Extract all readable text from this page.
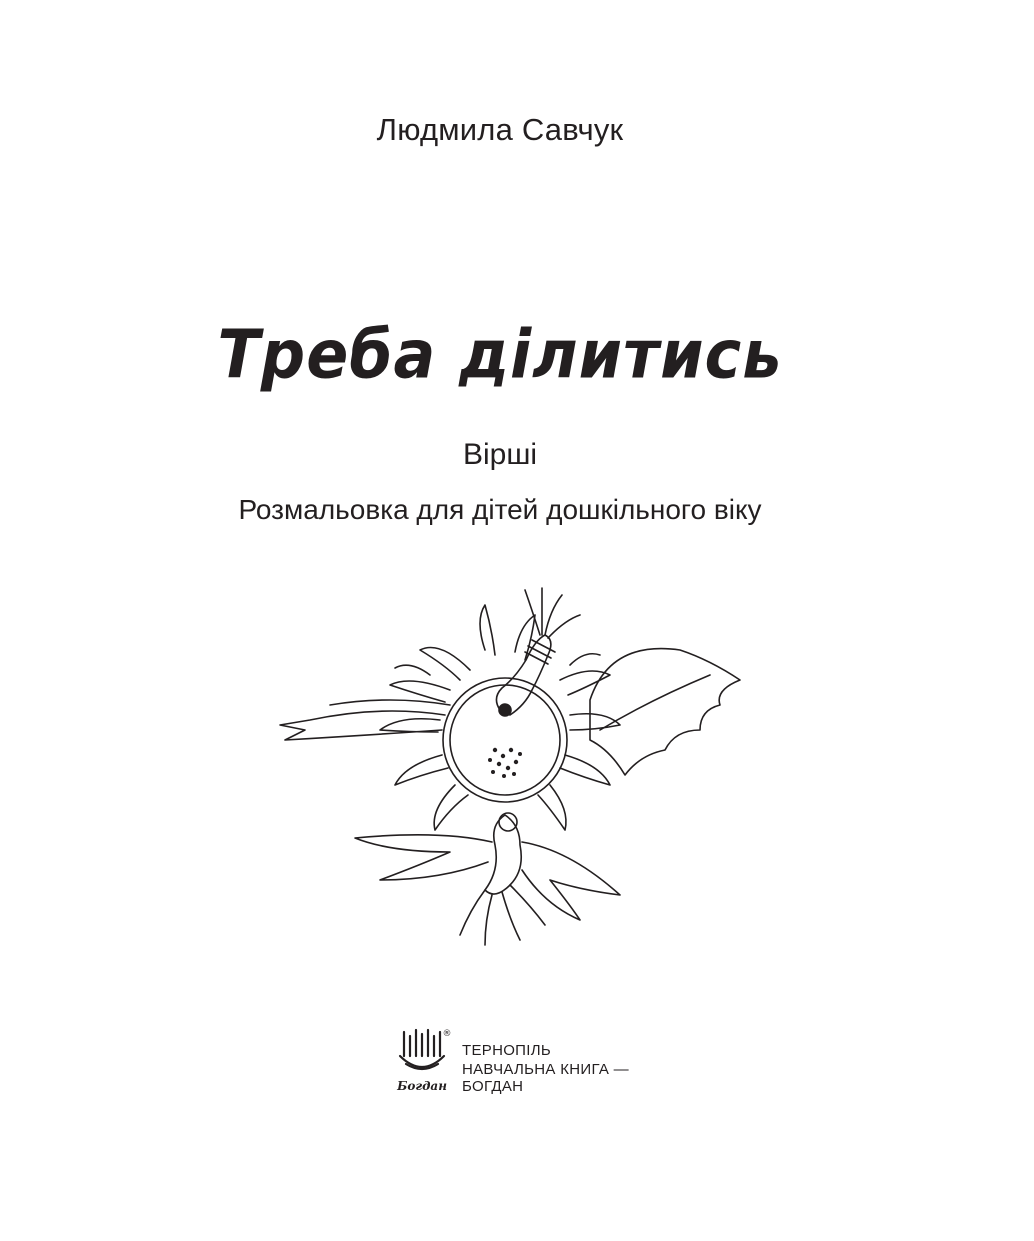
Людмила Савчук
Треба ділитись
Вірші
Розмальовка для дітей дошкільного віку
Богдан
®
ТЕРНОПІЛЬ
НАВЧАЛЬНА КНИГА — БОГДАН
